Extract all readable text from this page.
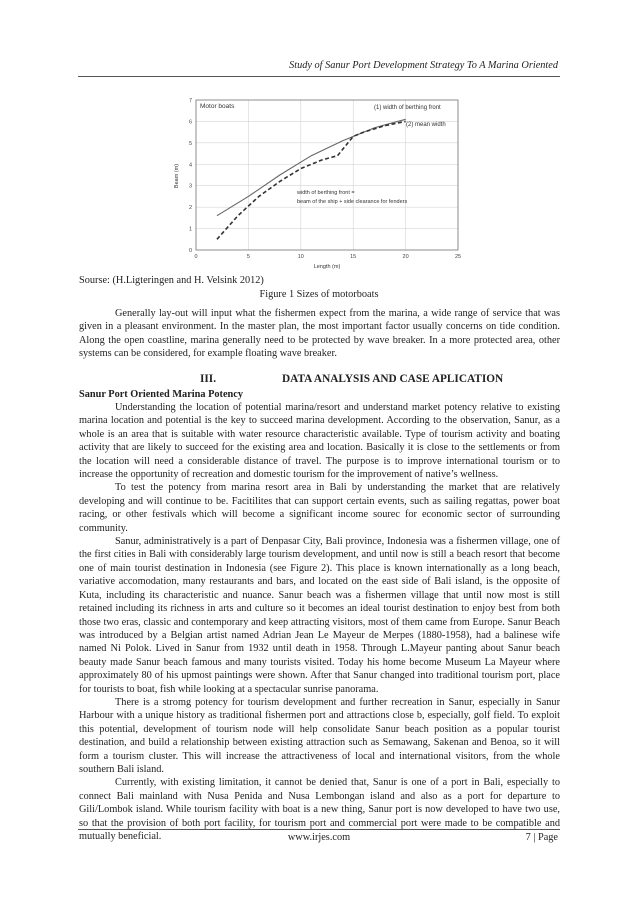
Study of Sanur Port Development Strategy To A Marina Oriented
Motor boats
Beam (m)
Length (m)
0
1
2
3
4
5
6
7
0	5	10	15	20	25
(1) width of berthing front
(2) mean width
width of berthing front =
beam of the ship + side clearance for fenders
Sourse: (H.Ligteringen and H. Velsink 2012)
Figure 1 Sizes of motorboats

Generally lay-out will input what the fishermen expect from the marina, a wide range of service that was given in a pleasant environment. In the master plan, the most important factor usually concerns on tide condition. Along the open coastline, marina generally need to be protected by wave breaker. In a more protected area, other systems can be considered, for example floating wave breaker.

III.	DATA ANALYSIS AND CASE APLICATION
Sanur Port Oriented Marina Potency

Understanding the location of potential marina/resort and understand market potency relative to existing marina location and potential is the key to succeed marina development. According to the observation, Sanur, as a whole is an area that is suitable with water resource characteristic available. Type of tourism activity and boating activity that are likely to succeed for the existing area and location. Basically it is close to the settlements or from the location will need a considerable distance of travel. The purpose is to improve international tourism or to increase the opportunity of recreation and domestic tourism for the improvement of native’s wellness.

To test the potency from marina resort area in Bali by understanding the market that are relatively developing and will continue to be. Facitilites that can support certain events, such as sailing regattas, power boat racing, or other festivals which will become a significant income sourec for economic sector of surrounding community.

Sanur, administratively is a part of Denpasar City, Bali province, Indonesia was a fishermen village, one of the first cities in Bali with considerably large tourism development, and until now is still a beach resort that become one of main tourist destination in Indonesia (see Figure 2). This place is known internationally as a long beach, variative accomodation, many restaurants and bars, and located on the east side of Bali island, is the opposite of Kuta, including its characteristic and nuance. Sanur beach was a fishermen village that until now most is still retained including its richness in arts and culture so it becomes an ideal tourist destination to enjoy best from both those two eras, classic and contemporary and keep attracting visitors, most of them came from Europe. Sanur Beach was introduced by a Belgian artist named Adrian Jean Le Mayeur de Merpes (1880-1958), had a balinese wife named Ni Polok. Lived in Sanur from 1932 until death in 1958. Through L.Mayeur panting about Sanur beach beauty made Sanur beach famous and many tourists visited. Today his home become Museum La Mayeur where approximately 80 of his upmost paintings were shown. After that Sanur changed into traditional tourism port, place for tourists to boat, fish while looking at a spectacular sunrise panorama.

There is a stromg potency for tourism development and further recreation in Sanur, especially in Sanur Harbour with a unique history as traditional fishermen port and attractions close b, especially, golf field. To exploit this potential, development of tourism node will help consolidate Sanur beach position as a popular tourist destination, and build a relationship between existing attraction such as Semawang, Sakenan and Benoa, so it will form a tourism cluster. This will increase the attractiveness of local and international visitors, from the whole southern Bali island.

Currently, with existing limitation, it cannot be denied that, Sanur is one of a port in Bali, especially to connect Bali mainland with Nusa Penida and Nusa Lembongan island and also as a port for departure to Gili/Lombok island. While tourism facility with boat is a new thing, Sanur port is now developed to have two use, so that the provision of both port facility, for tourism port and commercial port were made to be compatible and mutually beneficial.	www.irjes.com	7 | Page
